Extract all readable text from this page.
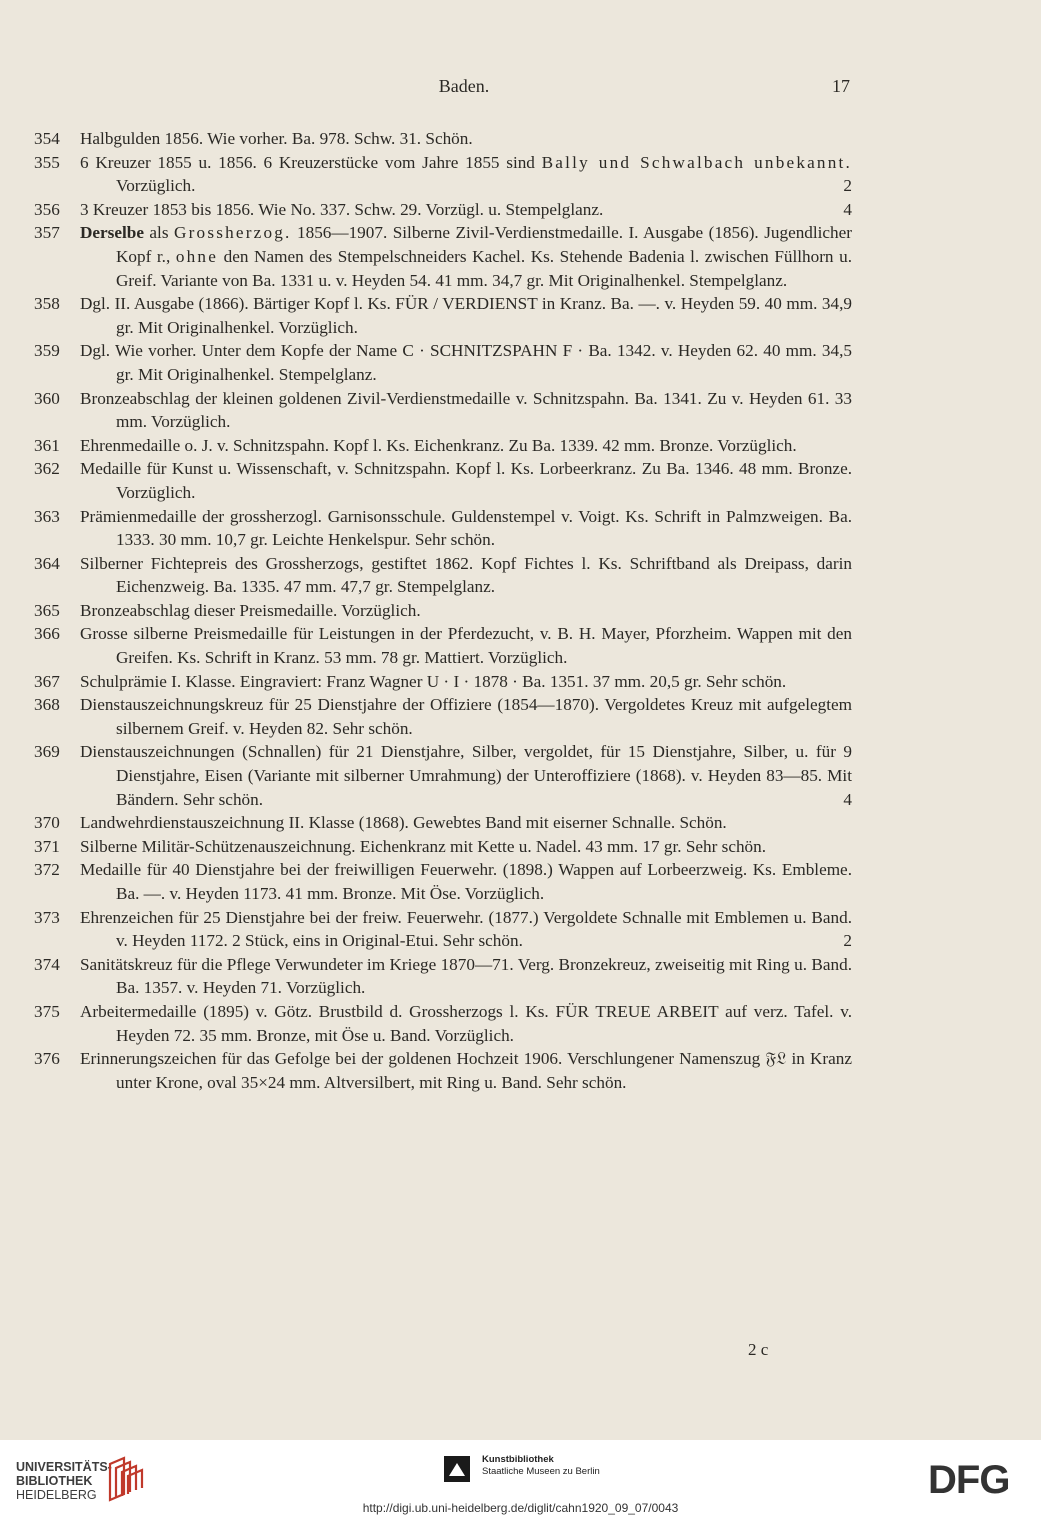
Baden.	17
354	Halbgulden 1856. Wie vorher. Ba. 978. Schw. 31. Schön.
355	6 Kreuzer 1855 u. 1856. 6 Kreuzerstücke vom Jahre 1855 sind Bally und Schwalbach unbekannt. Vorzüglich.	2
356	3 Kreuzer 1853 bis 1856. Wie No. 337. Schw. 29. Vorzügl. u. Stempelglanz.	4
357	Derselbe als Grossherzog. 1856—1907. Silberne Zivil-Verdienstmedaille. I. Ausgabe (1856). Jugendlicher Kopf r., ohne den Namen des Stempelschneiders Kachel. Ks. Stehende Badenia l. zwischen Füllhorn u. Greif. Variante von Ba. 1331 u. v. Heyden 54. 41 mm. 34,7 gr. Mit Originalhenkel. Stempelglanz.
358	Dgl. II. Ausgabe (1866). Bärtiger Kopf l. Ks. FÜR / VERDIENST in Kranz. Ba. —. v. Heyden 59. 40 mm. 34,9 gr. Mit Originalhenkel. Vorzüglich.
359	Dgl. Wie vorher. Unter dem Kopfe der Name C · SCHNITZSPAHN F · Ba. 1342. v. Heyden 62. 40 mm. 34,5 gr. Mit Originalhenkel. Stempelglanz.
360	Bronzeabschlag der kleinen goldenen Zivil-Verdienstmedaille v. Schnitzspahn. Ba. 1341. Zu v. Heyden 61. 33 mm. Vorzüglich.
361	Ehrenmedaille o. J. v. Schnitzspahn. Kopf l. Ks. Eichenkranz. Zu Ba. 1339. 42 mm. Bronze. Vorzüglich.
362	Medaille für Kunst u. Wissenschaft, v. Schnitzspahn. Kopf l. Ks. Lorbeerkranz. Zu Ba. 1346. 48 mm. Bronze. Vorzüglich.
363	Prämienmedaille der grossherzogl. Garnisonsschule. Guldenstempel v. Voigt. Ks. Schrift in Palmzweigen. Ba. 1333. 30 mm. 10,7 gr. Leichte Henkelspur. Sehr schön.
364	Silberner Fichtepreis des Grossherzogs, gestiftet 1862. Kopf Fichtes l. Ks. Schriftband als Dreipass, darin Eichenzweig. Ba. 1335. 47 mm. 47,7 gr. Stempelglanz.
365	Bronzeabschlag dieser Preismedaille. Vorzüglich.
366	Grosse silberne Preismedaille für Leistungen in der Pferdezucht, v. B. H. Mayer, Pforzheim. Wappen mit den Greifen. Ks. Schrift in Kranz. 53 mm. 78 gr. Mattiert. Vorzüglich.
367	Schulprämie I. Klasse. Eingraviert: Franz Wagner U · I · 1878 · Ba. 1351. 37 mm. 20,5 gr. Sehr schön.
368	Dienstauszeichnungskreuz für 25 Dienstjahre der Offiziere (1854—1870). Vergoldetes Kreuz mit aufgelegtem silbernem Greif. v. Heyden 82. Sehr schön.
369	Dienstauszeichnungen (Schnallen) für 21 Dienstjahre, Silber, vergoldet, für 15 Dienstjahre, Silber, u. für 9 Dienstjahre, Eisen (Variante mit silberner Umrahmung) der Unteroffiziere (1868). v. Heyden 83—85. Mit Bändern. Sehr schön.	4
370	Landwehrdienstauszeichnung II. Klasse (1868). Gewebtes Band mit eiserner Schnalle. Schön.
371	Silberne Militär-Schützenauszeichnung. Eichenkranz mit Kette u. Nadel. 43 mm. 17 gr. Sehr schön.
372	Medaille für 40 Dienstjahre bei der freiwilligen Feuerwehr. (1898.) Wappen auf Lorbeerzweig. Ks. Embleme. Ba. —. v. Heyden 1173. 41 mm. Bronze. Mit Öse. Vorzüglich.
373	Ehrenzeichen für 25 Dienstjahre bei der freiw. Feuerwehr. (1877.) Vergoldete Schnalle mit Emblemen u. Band. v. Heyden 1172. 2 Stück, eins in Original-Etui. Sehr schön.	2
374	Sanitätskreuz für die Pflege Verwundeter im Kriege 1870—71. Verg. Bronzekreuz, zweiseitig mit Ring u. Band. Ba. 1357. v. Heyden 71. Vorzüglich.
375	Arbeitermedaille (1895) v. Götz. Brustbild d. Grossherzogs l. Ks. FÜR TREUE ARBEIT auf verz. Tafel. v. Heyden 72. 35 mm. Bronze, mit Öse u. Band. Vorzüglich.
376	Erinnerungszeichen für das Gefolge bei der goldenen Hochzeit 1906. Verschlungener Namenszug 𝔉𝔏 in Kranz unter Krone, oval 35×24 mm. Altversilbert, mit Ring u. Band. Sehr schön.
2 c
UNIVERSITÄTS-
BIBLIOTHEK
HEIDELBERG
Kunstbibliothek
Staatliche Museen zu Berlin	DFG
http://digi.ub.uni-heidelberg.de/diglit/cahn1920_09_07/0043
